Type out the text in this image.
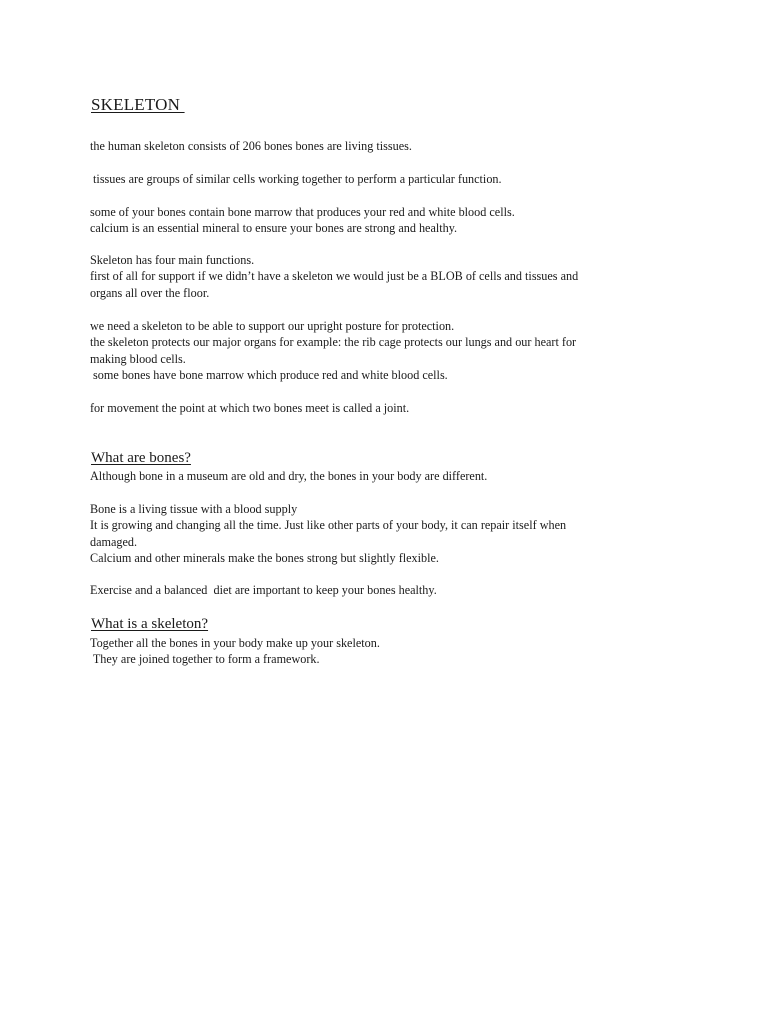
SKELETON

the human skeleton consists of 206 bones bones are living tissues.

tissues are groups of similar cells working together to perform a particular function.

some of your bones contain bone marrow that produces your red and white blood cells.
calcium is an essential mineral to ensure your bones are strong and healthy.

Skeleton has four main functions.
first of all for support if we didn’t have a skeleton we would just be a BLOB of cells and tissues and
organs all over the floor.

we need a skeleton to be able to support our upright posture for protection.
the skeleton protects our major organs for example: the rib cage protects our lungs and our heart for
making blood cells.
some bones have bone marrow which produce red and white blood cells.

for movement the point at which two bones meet is called a joint.

What are bones?

Although bone in a museum are old and dry, the bones in your body are different.

Bone is a living tissue with a blood supply
It is growing and changing all the time. Just like other parts of your body, it can repair itself when
damaged.
Calcium and other minerals make the bones strong but slightly flexible.

Exercise and a balanced  diet are important to keep your bones healthy.

What is a skeleton?

Together all the bones in your body make up your skeleton.
They are joined together to form a framework.
